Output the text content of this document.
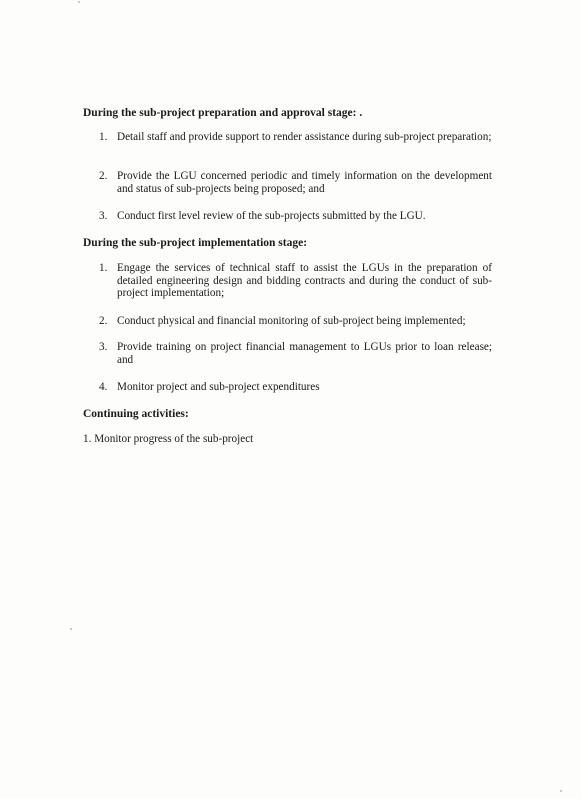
During the sub-project preparation and approval stage: .

1. Detail staff and provide support to render assistance during sub-project preparation;
2. Provide the LGU concerned periodic and timely information on the development and status of sub-projects being proposed; and
3. Conduct first level review of the sub-projects submitted by the LGU.

During the sub-project implementation stage:

1. Engage the services of technical staff to assist the LGUs in the preparation of detailed engineering design and bidding contracts and during the conduct of sub-project implementation;
2. Conduct physical and financial monitoring of sub-project being implemented;
3. Provide training on project financial management to LGUs prior to loan release; and
4. Monitor project and sub-project expenditures

Continuing activities:

1. Monitor progress of the sub-project
